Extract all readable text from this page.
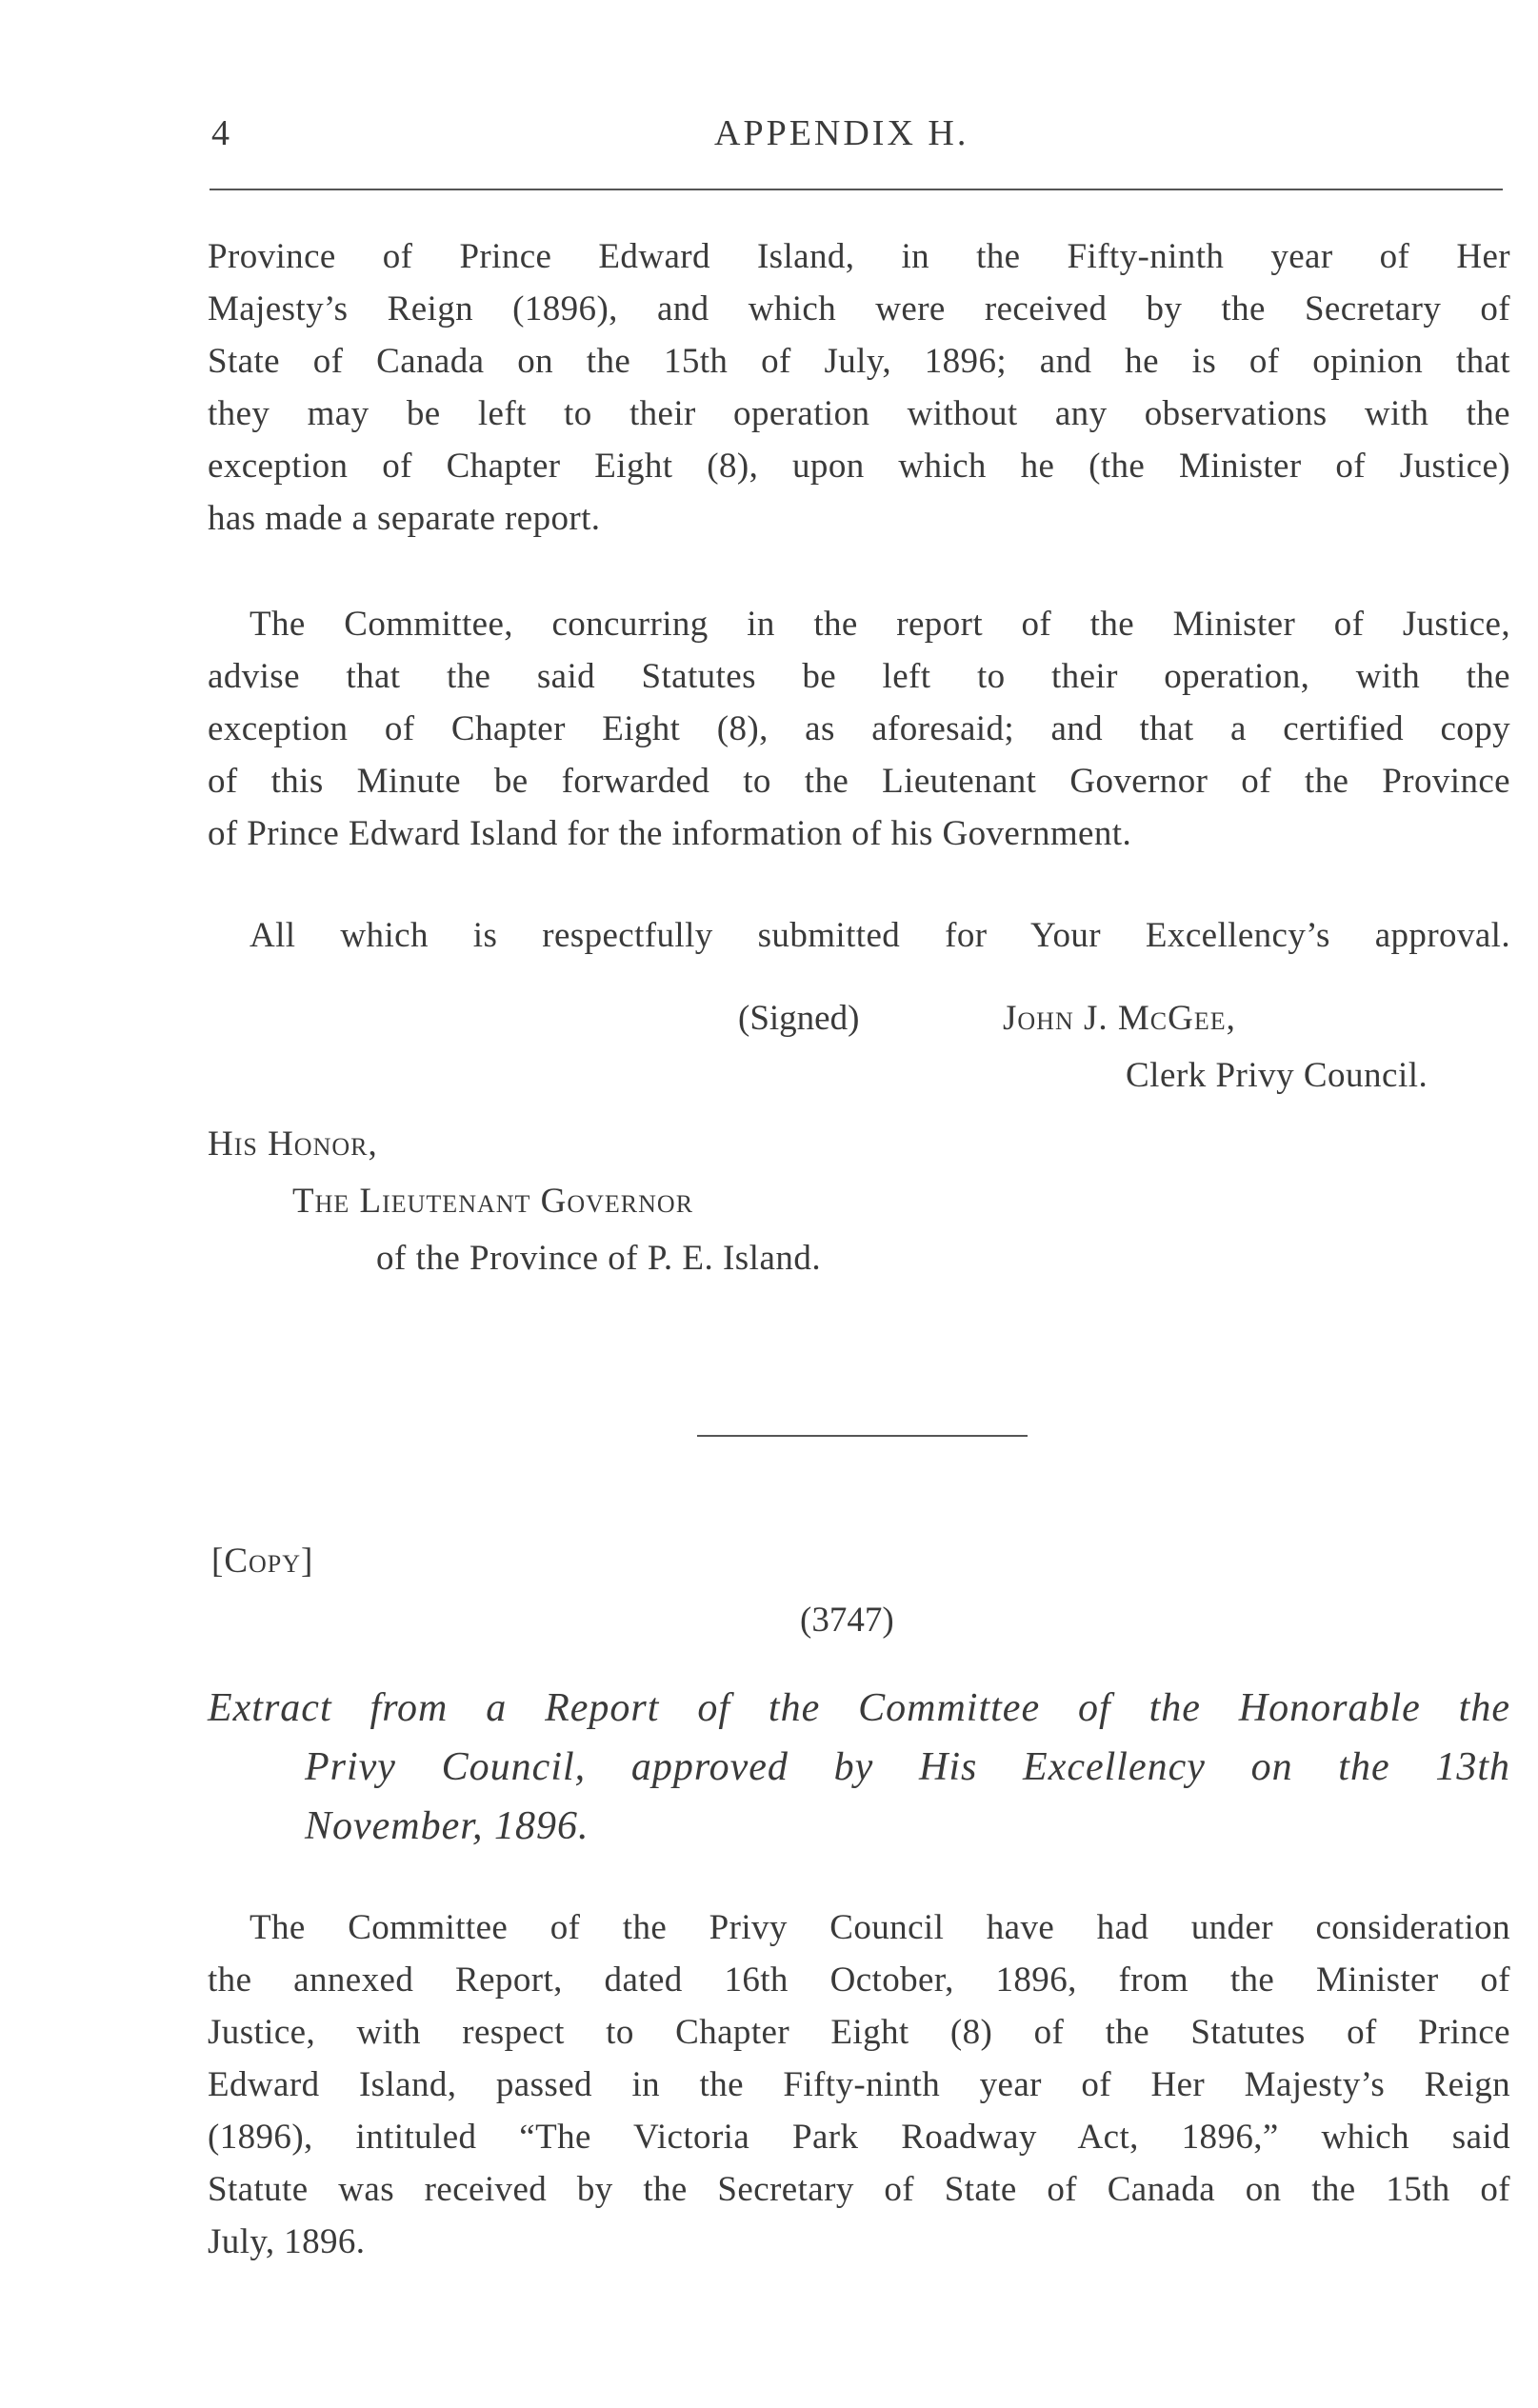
4	APPENDIX H.
Province of Prince Edward Island, in the Fifty-ninth year of Her
Majesty’s Reign (1896), and which were received by the Secretary of
State of Canada on the 15th of July, 1896; and he is of opinion that
they may be left to their operation without any observations with the
exception of Chapter Eight (8), upon which he (the Minister of Justice)
has made a separate report.
The Committee, concurring in the report of the Minister of Justice,
advise that the said Statutes be left to their operation, with the
exception of Chapter Eight (8), as aforesaid; and that a certified copy
of this Minute be forwarded to the Lieutenant Governor of the Province
of Prince Edward Island for the information of his Government.
All which is respectfully submitted for Your Excellency’s approval.
(Signed)	John J. McGee,
Clerk Privy Council.
His Honor,
The Lieutenant Governor
of the Province of P. E. Island.
[Copy]
(3747)
Extract from a Report of the Committee of the Honorable the
Privy Council, approved by His Excellency on the 13th
November, 1896.
The Committee of the Privy Council have had under consideration
the annexed Report, dated 16th October, 1896, from the Minister of
Justice, with respect to Chapter Eight (8) of the Statutes of Prince
Edward Island, passed in the Fifty-ninth year of Her Majesty’s Reign
(1896), intituled “The Victoria Park Roadway Act, 1896,” which said
Statute was received by the Secretary of State of Canada on the 15th of
July, 1896.
